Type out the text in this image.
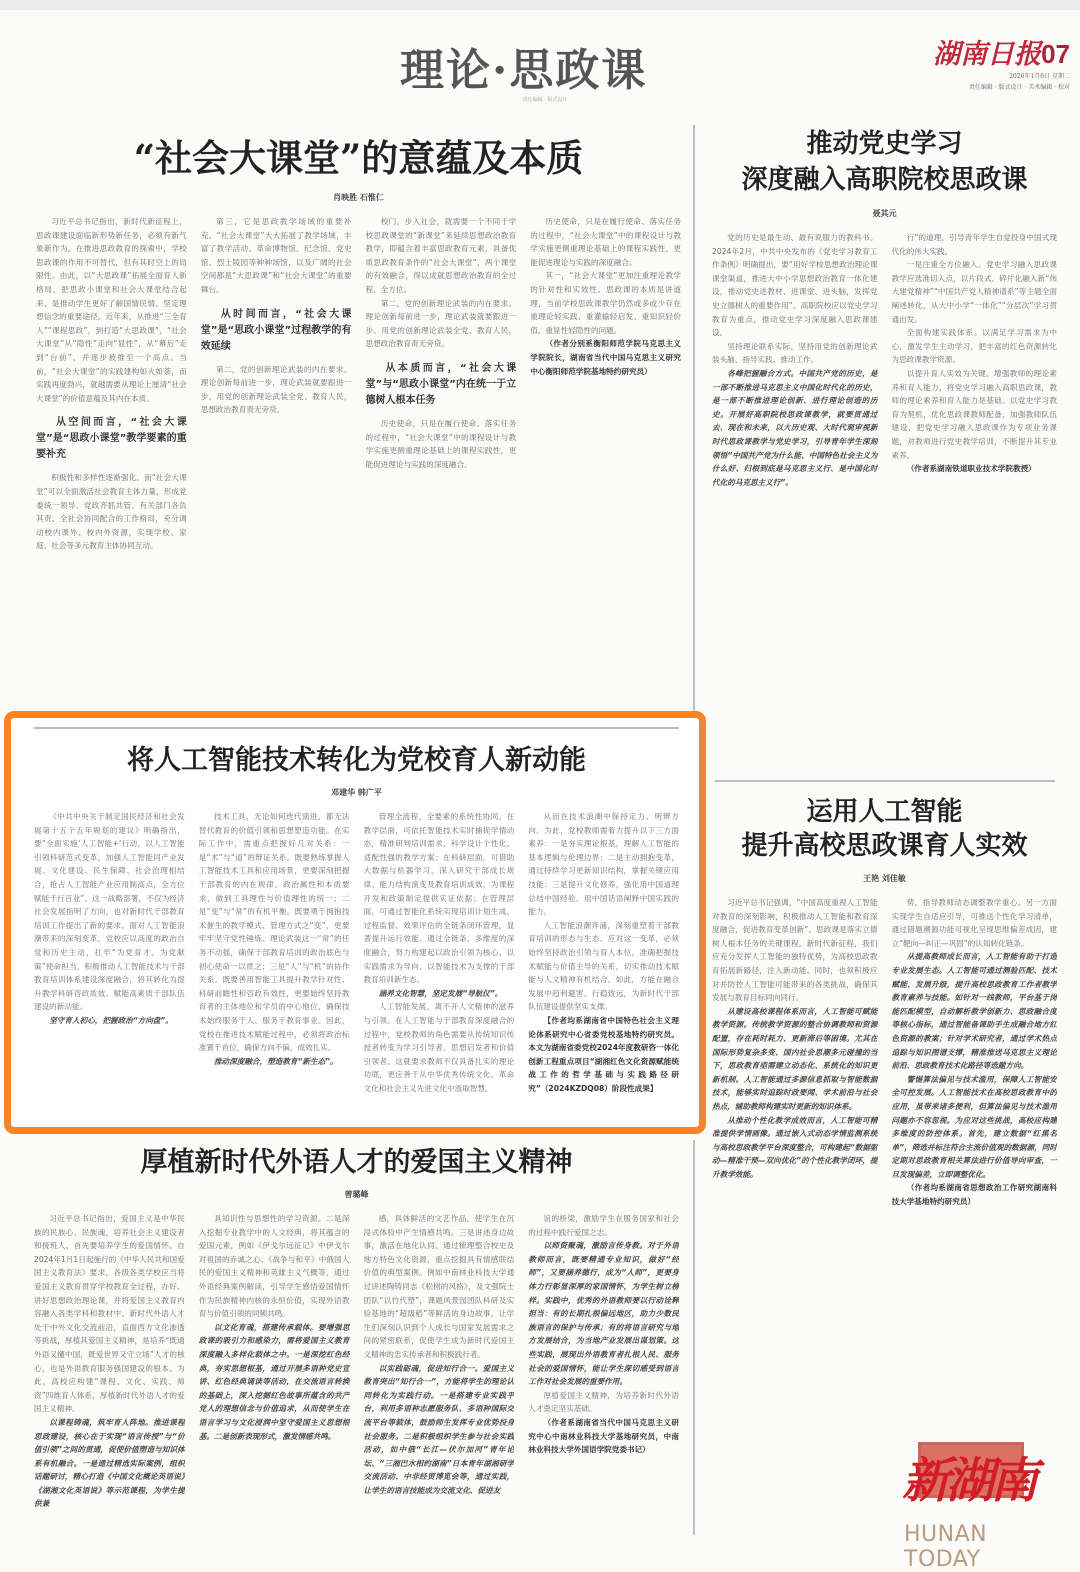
理论·思政课
责任编辑 · 版式设计
湖南日报07
2026年1月6日 星期二
责任编辑 · 版式设计 · 美术编辑 · 校对
“社会大课堂”的意蕴及本质
肖映胜 石惟仁

习近平总书记指出，新时代新征程上，思政课建设面临新形势新任务，必须有新气象新作为。在推进思政教育的探索中，学校思政课的作用不可替代，但有其时空上的局限性。由此，以“大思政课”拓展全面育人新格局，把思政小课堂和社会大课堂结合起来，是推动学生更好了解国情民情、坚定理想信念的重要途径。近年来，从推进“三全育人”“课程思政”，到打造“大思政课”，“社会大课堂”从“隐性”走向“显性”，从“幕后”走到“台前”，并逐步被推至一个高点。当前，“社会大课堂”的实践建构如火如荼，而实践再度勃兴，就越需要从理论上厘清“社会大课堂”的价值意蕴及其内在本质。

从空间而言，“社会大课堂”是“思政小课堂”教学要素的重要补充

积极性和多样性逐渐强化。而“社会大课堂”可以全面激活社会教育主体力量，形成党委统一领导、党政齐抓共管、有关部门各负其责、全社会协同配合的工作格局，充分调动校内课外、校内外资源，实现学校、家庭、社会等多元教育主体协同互动。

第三，它是思政教学场域的重要补充。“社会大课堂”大大拓展了教学场域，丰富了教学活动。革命博物馆、纪念馆、党史馆、烈士陵园等种种场馆，以及广阔的社会空间都是“大思政课”和“社会大课堂”的重要舞台。

从时间而言，“社会大课堂”是“思政小课堂”过程教学的有效延续

第二，党的创新理论武装的内在要求。理论创新每前进一步，理论武装就要跟进一步。用党的创新理论武装全党、教育人民，思想政治教育责无旁贷。

校门，步入社会，就需要一个不同于学校思政课堂的“新课堂”来延续思想政治教育教学，即蕴含着丰富思政教育元素，具备优质思政教育条件的“社会大课堂”，两个课堂的有效融合，得以成就思想政治教育的全过程、全方位。

第二，党的创新理论武装的内在要求。理论创新每前进一步，理论武装就要跟进一步。用党的创新理论武装全党、教育人民，思想政治教育责无旁贷。

从本质而言，“社会大课堂”与“思政小课堂”内在统一于立德树人根本任务

历史使命，只是在履行使命、落实任务的过程中，“社会大课堂”中的课程设计与教学实施更侧重理论基础上的课程实践性，更能促进理论与实践的深度融合。

历史使命，只是在履行使命、落实任务的过程中，“社会大课堂”中的课程设计与教学实施更侧重理论基础上的课程实践性，更能促进理论与实践的深度融合。

其一，“社会大课堂”更加注重理论教学的针对性和实效性。思政课的本质是讲道理，当前学校思政课教学仍然或多或少存在重理论轻实践、重灌输轻启发、重知识轻价值、重显性轻隐性的问题。

（作者分别系衡阳师范学院马克思主义学院院长，湖南省当代中国马克思主义研究中心衡阳师范学院基地特约研究员）

推动党史学习
深度融入高职院校思政课
聂其元

党的历史是最生动、最有说服力的教科书。2024年2月，中共中央发布的《党史学习教育工作条例》明确提出，要“用好学校思想政治理论课课堂渠道，推进大中小学思想政治教育一体化建设，推动党史进教材、进课堂、进头脑，发挥党史立德树人的重要作用”。高职院校应以党史学习教育为重点，推动党史学习深度融入思政课建设。

坚持理论联系实际，坚持用党的创新理论武装头脑、指导实践、推动工作。

各峰把握融合方式。中国共产党的历史，是一部不断推进马克思主义中国化时代化的历史，是一部不断推进理论创新、进行理论创造的历史。开展好高职院校思政课教学，就要贯通过去、现在和未来，以大历史观、大时代观审视新时代思政课教学与党史学习，引导青年学生深刻领悟“中国共产党为什么能、中国特色社会主义为什么好、归根到底是马克思主义行、是中国化时代化的马克思主义行”。

行”的道理，引导青年学生自觉投身中国式现代化的伟大实践。

一是注重全方位融入。党史学习融入思政课教学应选准切入点，以片段式、碎片化融入新“伟大建党精神”“中国共产党人精神谱系”等主题全面阐述转化，从大中小学“一体化”“分层次”学习贯通出发。

全面构建实践体系。以满足学习需求为中心，激发学生主动学习，把丰富的红色资源转化为思政课教学资源。

以提升育人实效为关键。增强教师的理论素养和育人能力，将党史学习融入高职思政课，教师的理论素养和育人能力是基础。以党史学习教育为契机，优化思政课教师配备，加强教师队伍建设，把党史学习融入思政课作为专项业务课题，对教师进行党史教学培训，不断提升其专业素养。

（作者系湖南铁道职业技术学院教授）

将人工智能技术转化为党校育人新动能
邓建华 韩广平

《中共中央关于制定国民经济和社会发展第十五个五年规划的建议》明确指出，要“全面实施‘人工智能+’行动，以人工智能引领科研范式变革，加强人工智能同产业发展、文化建设、民生保障、社会治理相结合，抢占人工智能产业应用制高点，全方位赋能千行百业”。这一战略部署，不仅为经济社会发展指明了方向，也对新时代干部教育培训工作提出了新的要求。面对人工智能浪潮带来的深刻变革，党校应以高度的政治自觉和历史主动，扛牢“为党育才、为党献策”使命担当，积极推动人工智能技术与干部教育培训体系建设深度融合，将其转化为提升教学科研咨政质效、赋能高素质干部队伍建设的新动能。

坚守育人初心，把握政治“方向盘”。

技术工具，无论如何迭代演进，都无法替代教育的价值引领和思想塑造功能。在实际工作中，需重点把握好几对关系：一是“术”与“道”的辩证关系。既要熟练掌握人工智能技术工具和应用场景，更要深刻把握干部教育的内在规律、政治属性和本质要求，做到工具理性与价值理性的统一；二是“变”与“常”的有机平衡。既要勇于拥抱技术催生的教学模式、管理方式之“变”，更要牢牢坚守党性锤炼、理论武装这一“常”的任务不动摇，确保干部教育培训的政治底色与初心使命一以贯之；三是“人”与“机”的协作关系。既要善用智能工具提升教学针对性、科研前瞻性和咨政有效性，更要始终坚持教育者的主体地位和学员的中心地位，确保技术始终服务于人、服务于教育事业。因此，党校在推进技术赋能过程中，必须将政治标准置于首位，确保方向不偏、成效扎实。

推动深度融合，塑造教育“新生态”。

管理全流程、全要素的系统性协同。在教学层面，可依托智能技术实时捕捉学情动态，精准研判培训需求，科学设计个性化、适配性强的教学方案；在科研层面，可借助大数据与机器学习，深入研究干部成长规律、能力结构演变及教育培训成效，为课程开发和政策制定提供实证依据；在管理层面，可通过智能化系统实现培训计划生成、过程监督、效果评估的全链条闭环管理，显著提升运行效能。通过全链条、多维度的深度融合，努力构建起以政治引领为核心、以实践需求为导向、以智能技术为支撑的干部教育培训新生态。

涵养文化智慧，坚定发展“导航仪”。

人工智能发展，离不开人文精神的滋养与引领。在人工智能与干部教育深度融合的过程中，党校教师的角色需要从传统知识传授者转变为学习引导者、思想启发者和价值引领者。这就要求教师不仅具备扎实的理论功底，更应善于从中华优秀传统文化、革命文化和社会主义先进文化中汲取智慧。

从而在技术浪潮中保持定力、明辨方向。为此，党校教师需着力提升以下三方面素养：一是夯实理论根基，理解人工智能的基本逻辑与伦理边界；二是主动拥抱变革，通过持续学习更新知识结构，掌握关键应用技能；三是提升文化修养，强化用中国道理总结中国经验、用中国话语阐释中国实践的能力。

人工智能浪潮奔涌，深刻重塑着干部教育培训的形态与生态。应对这一变革，必须始终坚持政治引领与育人本位，准确把握技术赋能与价值主导的关系，切实推动技术赋能与人文精神有机结合。如此，方能在融合发展中趋利避害、行稳致远，为新时代干部队伍建设提供坚实支撑。

【作者均系湖南省中国特色社会主义理论体系研究中心省委党校基地特约研究员。本文为湖南省委党校2024年度教研咨一体化创新工程重点项目“湖湘红色文化资源赋能统战工作的哲学基础与实践路径研究”（2024KZDQ08）阶段性成果】

运用人工智能
提升高校思政课育人实效
王艳 刘佳敏

习近平总书记强调，“中国高度重视人工智能对教育的深刻影响，积极推动人工智能和教育深度融合，促进教育变革创新”。思政课是落实立德树人根本任务的关键课程。新时代新征程，我们应充分发挥人工智能的独特优势，为高校思政教育拓展新路径，注入新动能。同时，也须积极应对并防控人工智能可能带来的各类挑战，确保其发展与教育目标同向同行。

从建设高校课程体系而言，人工智能可赋能教学资源。传统教学资源的整合协调教师和资源配置，存在耗时耗力、更新滞后等困境。尤其在国际形势复杂多变、国内社会思潮多元碰撞的当下，思政教育亟需建立动态化、系统化的知识更新机制。人工智能通过多源信息抓取与智能数据技术，能够实时追踪时政要闻、学术前沿与社会热点，辅助教师构建实时更新的知识体系。

从推动个性化教学成效而言，人工智能可精准提供学情画像。通过嵌入式动态学情监测系统与高校思政教学平台深度整合，可构建起“数据驱动—精准干预—双向优化”的个性化教学闭环，提升教学效能。

势，指导教师动态调整教学重心。另一方面实现学生自适应引导，可推送个性化学习清单，通过错题溯源功能可视化呈现思维偏差成因，建立“靶向—纠正—巩固”的认知转化链条。

从提高教师成长而言，人工智能有助于打造专业发展生态。人工智能可通过测验匹配、技术赋能、发展升级，提升高校思政教育工作者教学教育素养与技能。如针对一线教师，平台基于岗能匹配模型，自动解析教学创新力、思政融合度等核心指标，通过智能备课助手生成融合地方红色资源的教案；针对学术研究者，通过学术热点追踪与知识图谱支撑，精准推送马克思主义理论前沿、思政教育技术化路径等选题方向。

警惕算法偏见与技术滥用，保障人工智能安全可控发展。人工智能技术在高校思政教育中的应用，虽带来诸多便利，但算法偏见与技术滥用问题亦不容忽视。为应对这些挑战，高校应构建多维度的防控体系。首先，建立数据“红黑名单”，筛选并标注符合主流价值观的数据源，同时定期对思政教育相关算法进行价值导向审查，一旦发现偏差，立即调整优化。

（作者均系湖南省思想政治工作研究湖南科技大学基地特约研究员）

厚植新时代外语人才的爱国主义精神
曾璐峰

习近平总书记指出，爱国主义是中华民族的民族心、民族魂，培养社会主义建设者和接班人，首先要培养学生的爱国情怀。自2024年1月1日起施行的《中华人民共和国爱国主义教育法》要求，各级各类学校应当将爱国主义教育贯穿学校教育全过程，办好、讲好思想政治理论课，并将爱国主义教育内容融入各类学科和教材中。新时代外语人才处于中外文化交流前沿，直面西方文化渗透等挑战，厚植其爱国主义精神，是培养“既通外语又懂中国，既爱世界又守立场”人才的核心，也是外语教育服务强国建设的根本。为此，高校应构建“课程、文化、实践、师资”四维育人体系，厚植新时代外语人才的爱国主义精神。

以课程铸魂，筑牢育人阵地。推进课程思政建设，核心在于实现“语言传授”与“价值引领”之间的贯通，促使价值塑造与知识体系有机融合。一是通过精选实际案例，组织话题研讨，精心打造《中国文化概论英语说》《湖湘文化英语说》等示范课程，为学生提供兼

具知识性与思想性的学习资源。二是深入挖掘专业教学中的人文经典，将其蕴含的爱国元素，例如《伊戈尔远征记》中伊戈尔对祖国的赤诚之心、《战争与和平》中俄国人民的爱国主义精神和英雄主义气概等，通过外语经典案例解读，引导学生感悟爱国情怀作为民族精神内核的永恒价值，实现外语教育与价值引领的同频共鸣。

以文化育魂，搭建传承载体。要增强思政课的吸引力和感染力，需将爱国主义教育深度融入多样化载体之中。一是深挖红色经典，夯实思想根基，通过开展多语种党史宣讲、红色经典诵读等活动，在交流语言转换的基础上，深入挖掘红色故事所蕴含的共产党人的理想信念与价值追求，从而使学生在语言学习与文化浸润中坚守爱国主义思想根基。二是创新表现形式，激发情感共鸣。

感，具体鲜活的文艺作品，使学生在沉浸式体验中产生情感共鸣。三是讲述身边故事，激活在地化认同。通过梳理整合校史及地方特色文化资源，重点挖掘具有情感联结价值的典型案例。例如中南林业科技大学通过讲述陶铸同志《松树的风格》，及文强院士团队“以竹代塑”，课题风景园团队科研及实验基地的“超级稻”等鲜活的身边故事，让学生们深刻认识到个人成长与国家发展需求之间的紧密联系，促使学生成为新时代爱国主义精神的忠实传承者和积极践行者。

以实践砺魂，促进知行合一。爱国主义教育突出“知行合一”，方能将学生的理论认同转化为实践行动。一是搭建专业实践平台，利用多语种志愿服务队、多语种国际交流平台等载体，鼓励师生发挥专业优势投身社会服务。二是积极组织学生参与社会实践活动，如中俄“长江—伏尔加河”青年论坛、“三湘巴水相约湖南”日本青年湖湘研学交流活动、中非经贸博览会等，通过实践，让学生的语言技能成为交流文化、促进友

谊的桥梁，激励学生在服务国家和社会的过程中践行爱国之志。

以师资聚魂，激励言传身教。对于外语教师而言，既要精通专业知识，做好“经师”，又要涵养德行，成为“人师”，更要身体力行彰显深厚的家国情怀，为学生树立榜样。实践中，优秀的外语教师要以行动诠释担当：有的长期扎根偏远地区，助力少数民族语言的保护与传承；有的将语言研究与地方发展结合，为当地产业发展出谋划策。这些实践，展现出外语教育者扎根人民、服务社会的爱国情怀，能让学生深切感受到语言工作对社会发展的重要作用。

厚植爱国主义精神，为培养新时代外语人才奠定坚实基础。

（作者系湖南省当代中国马克思主义研究中心中南林业科技大学基地研究员，中南林业科技大学外国语学院党委书记）

新湖南
HUNAN TODAY
